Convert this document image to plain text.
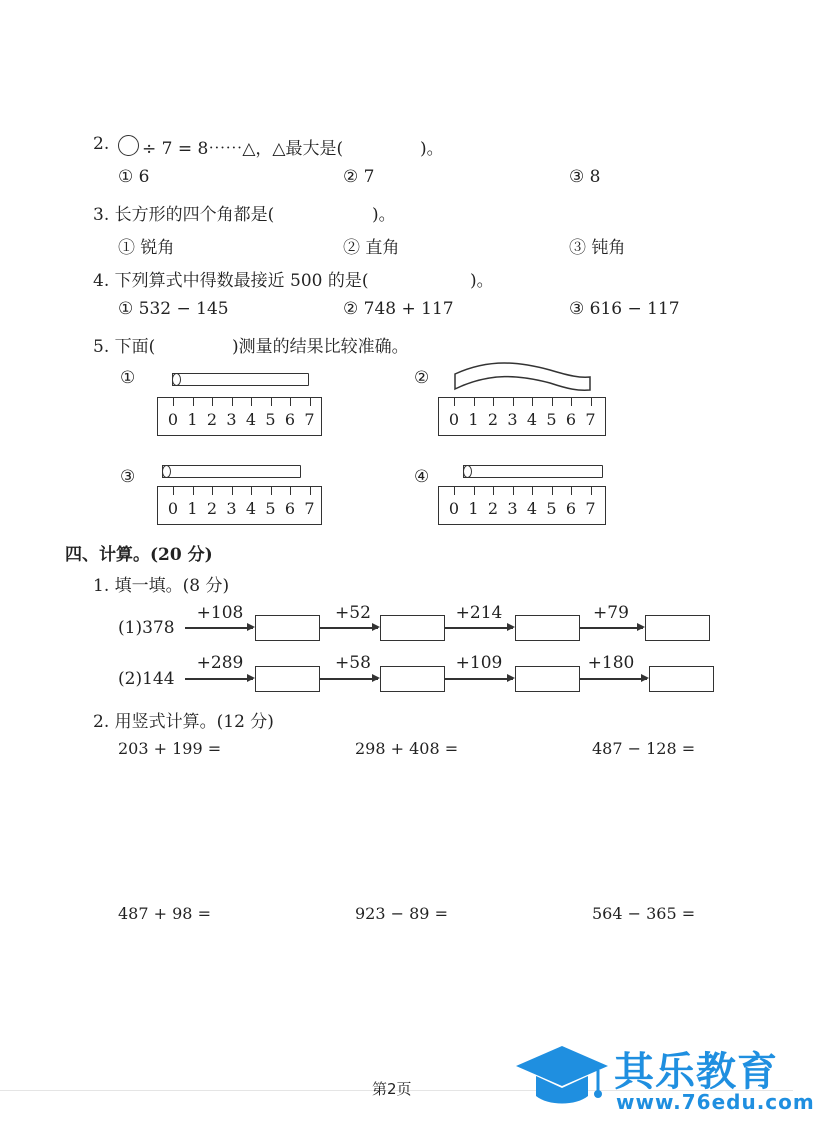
2. ÷ 7 = 8⋯⋯△，△最大是(	)。
① 6	② 7	③ 8
3. 长方形的四个角都是(	)。
① 锐角	② 直角	③ 钝角
4. 下列算式中得数最接近 500 的是(	)。
① 532 − 145	② 748 + 117	③ 616 − 117
5. 下面(	)测量的结果比较准确。
①
0 1 2 3 4 5 6 7
②
0 1 2 3 4 5 6 7
③
0 1 2 3 4 5 6 7
④
0 1 2 3 4 5 6 7
四、计算。(20 分)
1. 填一填。(8 分)
(1)378
+108	+52	+214	+79
(2)144
+289	+58	+109	+180
2. 用竖式计算。(12 分)
203 + 199 =	298 + 408 =	487 − 128 =
487 + 98 =	923 − 89 =	564 − 365 =
第2页	其乐教育
www.76edu.com
